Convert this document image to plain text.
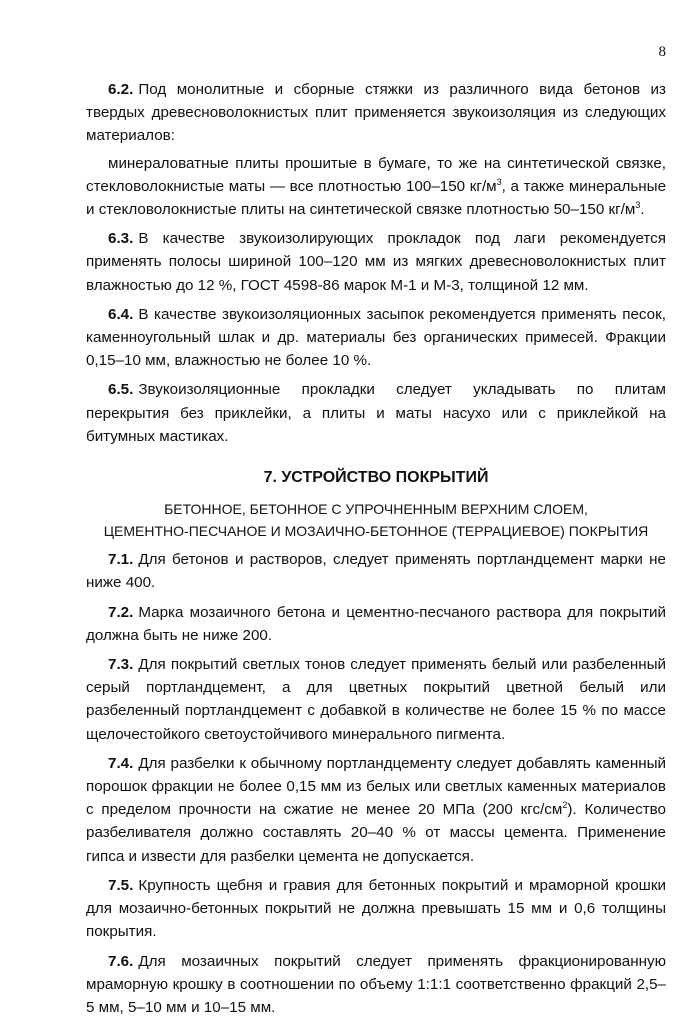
8

6.2. Под монолитные и сборные стяжки из различного вида бетонов из твердых древесноволокнистых плит применяется звукоизоляция из следующих материалов:

минераловатные плиты прошитые в бумаге, то же на синтетической связке, стекловолокнистые маты — все плотностью 100–150 $кг/м^3$, а также минеральные и стекловолокнистые плиты на синтетической связке плотностью 50–150 $кг/м^3$.

6.3. В качестве звукоизолирующих прокладок под лаги рекомендуется применять полосы шириной 100–120 мм из мягких древесноволокнистых плит влажностью до 12 %, ГОСТ 4598-86 марок М-1 и М-3, толщиной 12 мм.

6.4. В качестве звукоизоляционных засыпок рекомендуется применять песок, каменноугольный шлак и др. материалы без органических примесей. Фракции 0,15–10 мм, влажностью не более 10 %.

6.5. Звукоизоляционные прокладки следует укладывать по плитам перекрытия без приклейки, а плиты и маты насухо или с приклейкой на битумных мастиках.

7. УСТРОЙСТВО ПОКРЫТИЙ
БЕТОННОЕ, БЕТОННОЕ С УПРОЧНЕННЫМ ВЕРХНИМ СЛОЕМ,
ЦЕМЕНТНО-ПЕСЧАНОЕ И МОЗАИЧНО-БЕТОННОЕ (ТЕРРАЦИЕВОЕ) ПОКРЫТИЯ

7.1. Для бетонов и растворов, следует применять портландцемент марки не ниже 400.

7.2. Марка мозаичного бетона и цементно-песчаного раствора для покрытий должна быть не ниже 200.

7.3. Для покрытий светлых тонов следует применять белый или разбеленный серый портландцемент, а для цветных покрытий цветной белый или разбеленный портландцемент с добавкой в количестве не более 15 % по массе щелочестойкого светоустойчивого минерального пигмента.

7.4. Для разбелки к обычному портландцементу следует добавлять каменный порошок фракции не более 0,15 мм из белых или светлых каменных материалов с пределом прочности на сжатие не менее 20 МПа (200 кгс/$см^2$). Количество разбеливателя должно составлять 20–40 % от массы цемента. Применение гипса и извести для разбелки цемента не допускается.

7.5. Крупность щебня и гравия для бетонных покрытий и мраморной крошки для мозаично-бетонных покрытий не должна превышать 15 мм и 0,6 толщины покрытия.

7.6. Для мозаичных покрытий следует применять фракционированную мраморную крошку в соотношении по объему 1:1:1 соответственно фракций 2,5–5 мм, 5–10 мм и 10–15 мм.
